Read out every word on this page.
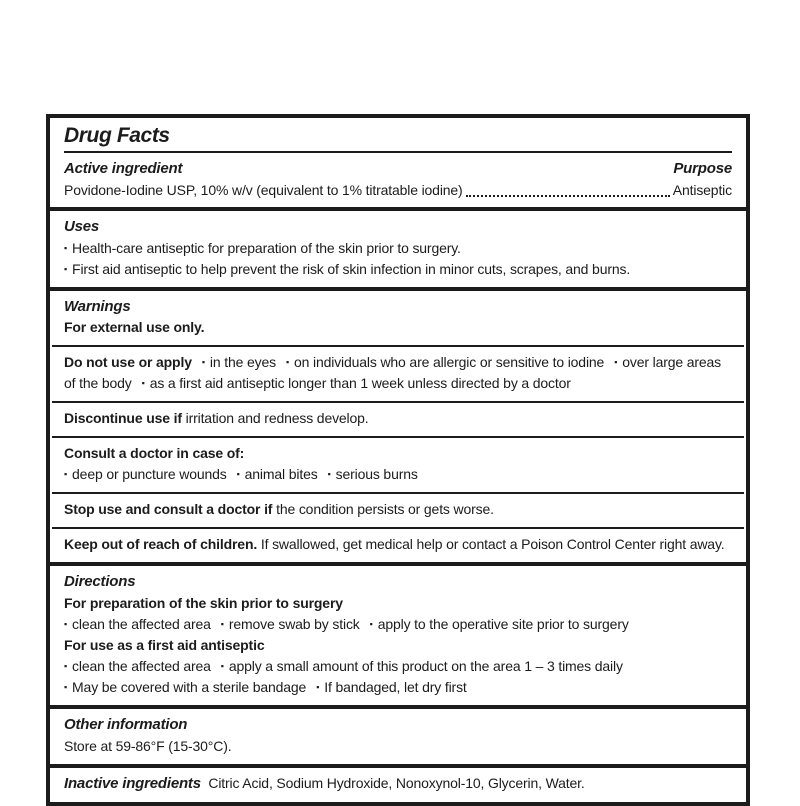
Drug Facts
Active ingredient	Purpose
Povidone-Iodine USP, 10% w/v (equivalent to 1% titratable iodine)	Antiseptic
Uses
▪ Health-care antiseptic for preparation of the skin prior to surgery.
▪ First aid antiseptic to help prevent the risk of skin infection in minor cuts, scrapes, and burns.
Warnings
For external use only.
Do not use or apply ▪ in the eyes ▪ on individuals who are allergic or sensitive to iodine ▪ over large areas of the body ▪ as a first aid antiseptic longer than 1 week unless directed by a doctor
Discontinue use if irritation and redness develop.
Consult a doctor in case of:
▪ deep or puncture wounds ▪ animal bites ▪ serious burns
Stop use and consult a doctor if the condition persists or gets worse.
Keep out of reach of children. If swallowed, get medical help or contact a Poison Control Center right away.
Directions
For preparation of the skin prior to surgery
▪ clean the affected area ▪ remove swab by stick ▪ apply to the operative site prior to surgery
For use as a first aid antiseptic
▪ clean the affected area ▪ apply a small amount of this product on the area 1 – 3 times daily
▪ May be covered with a sterile bandage ▪ If bandaged, let dry first
Other information
Store at 59-86°F (15-30°C).
Inactive ingredients Citric Acid, Sodium Hydroxide, Nonoxynol-10, Glycerin, Water.
